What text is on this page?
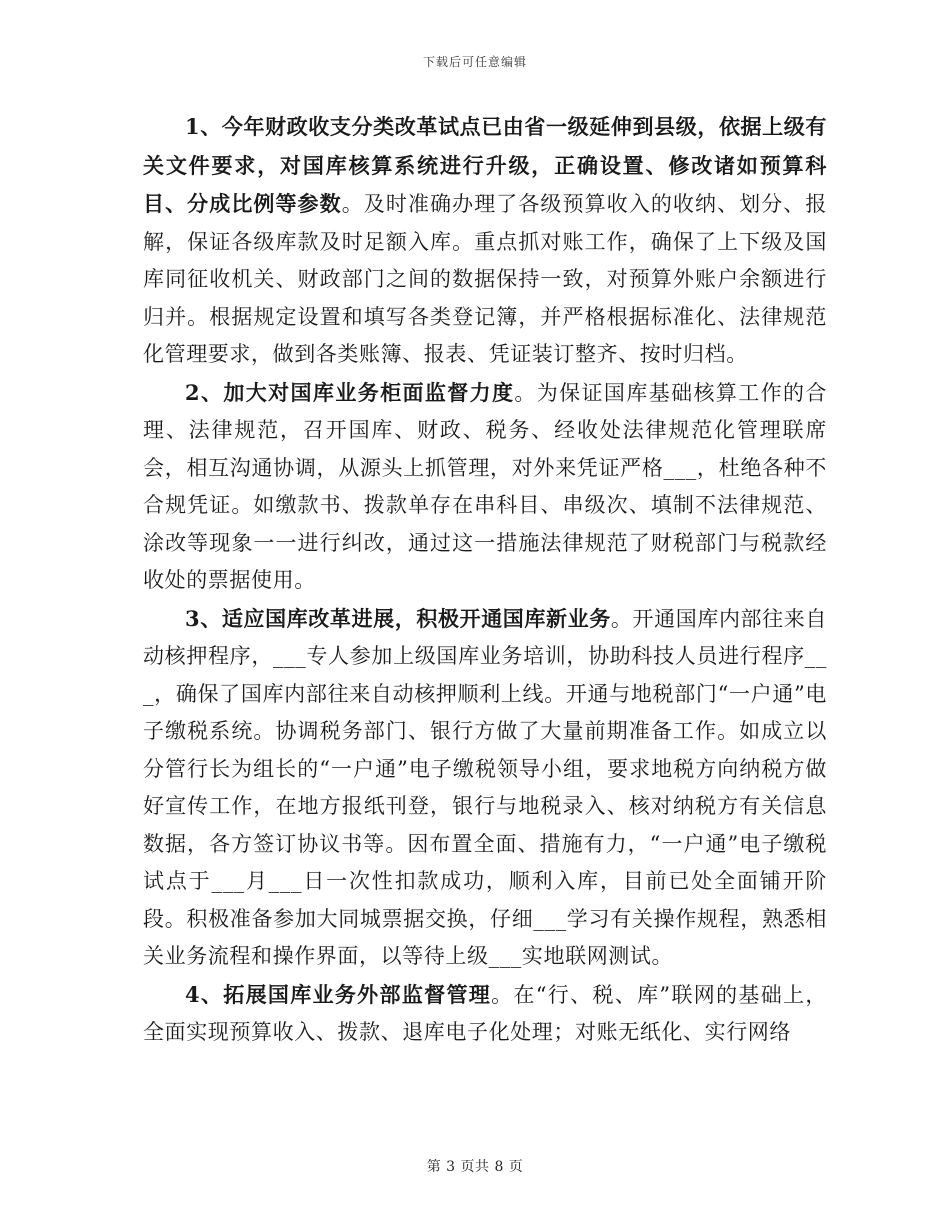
下载后可任意编辑

1、今年财政收支分类改革试点已由省一级延伸到县级，依据上级有关文件要求，对国库核算系统进行升级，正确设置、修改诸如预算科目、分成比例等参数。及时准确办理了各级预算收入的收纳、划分、报解，保证各级库款及时足额入库。重点抓对账工作，确保了上下级及国库同征收机关、财政部门之间的数据保持一致，对预算外账户余额进行归并。根据规定设置和填写各类登记簿，并严格根据标准化、法律规范化管理要求，做到各类账簿、报表、凭证装订整齐、按时归档。

2、加大对国库业务柜面监督力度。为保证国库基础核算工作的合理、法律规范，召开国库、财政、税务、经收处法律规范化管理联席会，相互沟通协调，从源头上抓管理，对外来凭证严格___，杜绝各种不合规凭证。如缴款书、拨款单存在串科目、串级次、填制不法律规范、涂改等现象一一进行纠改，通过这一措施法律规范了财税部门与税款经收处的票据使用。

3、适应国库改革进展，积极开通国库新业务。开通国库内部往来自动核押程序，___专人参加上级国库业务培训，协助科技人员进行程序___，确保了国库内部往来自动核押顺利上线。开通与地税部门“一户通”电子缴税系统。协调税务部门、银行方做了大量前期准备工作。如成立以分管行长为组长的“一户通”电子缴税领导小组，要求地税方向纳税方做好宣传工作，在地方报纸刊登，银行与地税录入、核对纳税方有关信息数据，各方签订协议书等。因布置全面、措施有力，“一户通”电子缴税试点于___月___日一次性扣款成功，顺利入库，目前已处全面铺开阶段。积极准备参加大同城票据交换，仔细___学习有关操作规程，熟悉相关业务流程和操作界面，以等待上级___实地联网测试。

4、拓展国库业务外部监督管理。在“行、税、库”联网的基础上，全面实现预算收入、拨款、退库电子化处理；对账无纸化、实行网络

第 3 页共 8 页
